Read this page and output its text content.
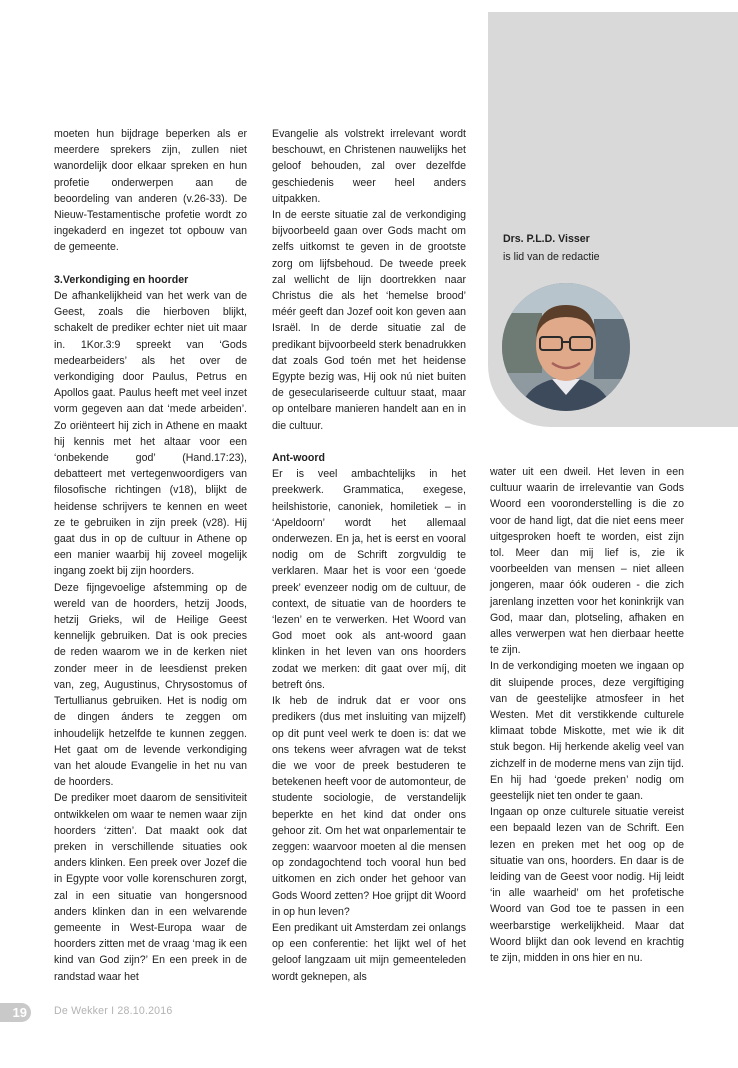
Drs. P.L.D. Visser
is lid van de redactie

moeten hun bijdrage beperken als er meerdere sprekers zijn, zullen niet wanordelijk door elkaar spreken en hun profetie onderwerpen aan de beoordeling van anderen (v.26-33). De Nieuw-Testamentische profetie wordt zo ingekaderd en ingezet tot opbouw van de gemeente.

3.Verkondiging en hoorder

De afhankelijkheid van het werk van de Geest, zoals die hierboven blijkt, schakelt de prediker echter niet uit maar in. 1Kor.3:9 spreekt van ‘Gods medearbeiders’ als het over de verkondiging door Paulus, Petrus en Apollos gaat. Paulus heeft met veel inzet vorm gegeven aan dat ‘mede arbeiden’. Zo oriënteert hij zich in Athene en maakt hij kennis met het altaar voor een ‘onbekende god’ (Hand.17:23), debatteert met vertegenwoordigers van filosofische richtingen (v18), blijkt de heidense schrijvers te kennen en weet ze te gebruiken in zijn preek (v28). Hij gaat dus in op de cultuur in Athene op een manier waarbij hij zoveel mogelijk ingang zoekt bij zijn hoorders.

Deze fijngevoelige afstemming op de wereld van de hoorders, hetzij Joods, hetzij Grieks, wil de Heilige Geest kennelijk gebruiken. Dat is ook precies de reden waarom we in de kerken niet zonder meer in de leesdienst preken van, zeg, Augustinus, Chrysostomus of Tertullianus gebruiken. Het is nodig om de dingen ánders te zeggen om inhoudelijk hetzelfde te kunnen zeggen. Het gaat om de levende verkondiging van het aloude Evangelie in het nu van de hoorders.

De prediker moet daarom de sensitiviteit ontwikkelen om waar te nemen waar zijn hoorders ‘zitten’. Dat maakt ook dat preken in verschillende situaties ook anders klinken. Een preek over Jozef die in Egypte voor volle korenschuren zorgt, zal in een situatie van hongersnood anders klinken dan in een welvarende gemeente in West-Europa waar de hoorders zitten met de vraag ‘mag ik een kind van God zijn?’ En een preek in de randstad waar het

Evangelie als volstrekt irrelevant wordt beschouwt, en Christenen nauwelijks het geloof behouden, zal over dezelfde geschiedenis weer heel anders uitpakken.

In de eerste situatie zal de verkondiging bijvoorbeeld gaan over Gods macht om zelfs uitkomst te geven in de grootste zorg om lijfsbehoud. De tweede preek zal wellicht de lijn doortrekken naar Christus die als het ‘hemelse brood’ méér geeft dan Jozef ooit kon geven aan Israël. In de derde situatie zal de predikant bijvoorbeeld sterk benadrukken dat zoals God toén met het heidense Egypte bezig was, Hij ook nú niet buiten de geseculariseerde cultuur staat, maar op ontelbare manieren handelt aan en in die cultuur.

Ant-woord

Er is veel ambachtelijks in het preekwerk. Grammatica, exegese, heilshistorie, canoniek, homiletiek – in ‘Apeldoorn’ wordt het allemaal onderwezen. En ja, het is eerst en vooral nodig om de Schrift zorgvuldig te verklaren. Maar het is voor een ‘goede preek’ evenzeer nodig om de cultuur, de context, de situatie van de hoorders te ‘lezen’ en te verwerken. Het Woord van God moet ook als ant-woord gaan klinken in het leven van ons hoorders zodat we merken: dit gaat over míj, dit betreft óns.

Ik heb de indruk dat er voor ons predikers (dus met insluiting van mijzelf) op dit punt veel werk te doen is: dat we ons tekens weer afvragen wat de tekst die we voor de preek bestuderen te betekenen heeft voor de automonteur, de studente sociologie, de verstandelijk beperkte en het kind dat onder ons gehoor zit. Om het wat onparlementair te zeggen: waarvoor moeten al die mensen op zondagochtend toch vooral hun bed uitkomen en zich onder het gehoor van Gods Woord zetten? Hoe grijpt dit Woord in op hun leven?

Een predikant uit Amsterdam zei onlangs op een conferentie: het lijkt wel of het geloof langzaam uit mijn gemeenteleden wordt geknepen, als

water uit een dweil. Het leven in een cultuur waarin de irrelevantie van Gods Woord een vooronderstelling is die zo voor de hand ligt, dat die niet eens meer uitgesproken hoeft te worden, eist zijn tol. Meer dan mij lief is, zie ik voorbeelden van mensen – niet alleen jongeren, maar óók ouderen - die zich jarenlang inzetten voor het koninkrijk van God, maar dan, plotseling, afhaken en alles verwerpen wat hen dierbaar heette te zijn.

In de verkondiging moeten we ingaan op dit sluipende proces, deze vergiftiging van de geestelijke atmosfeer in het Westen. Met dit verstikkende culturele klimaat tobde Miskotte, met wie ik dit stuk begon. Hij herkende akelig veel van zichzelf in de moderne mens van zijn tijd. En hij had ‘goede preken’ nodig om geestelijk niet ten onder te gaan.

Ingaan op onze culturele situatie vereist een bepaald lezen van de Schrift. Een lezen en preken met het oog op de situatie van ons, hoorders. En daar is de leiding van de Geest voor nodig. Hij leidt ‘in alle waarheid’ om het profetische Woord van God toe te passen in een weerbarstige werkelijkheid. Maar dat Woord blijkt dan ook levend en krachtig te zijn, midden in ons hier en nu.

19	De Wekker I 28.10.2016
